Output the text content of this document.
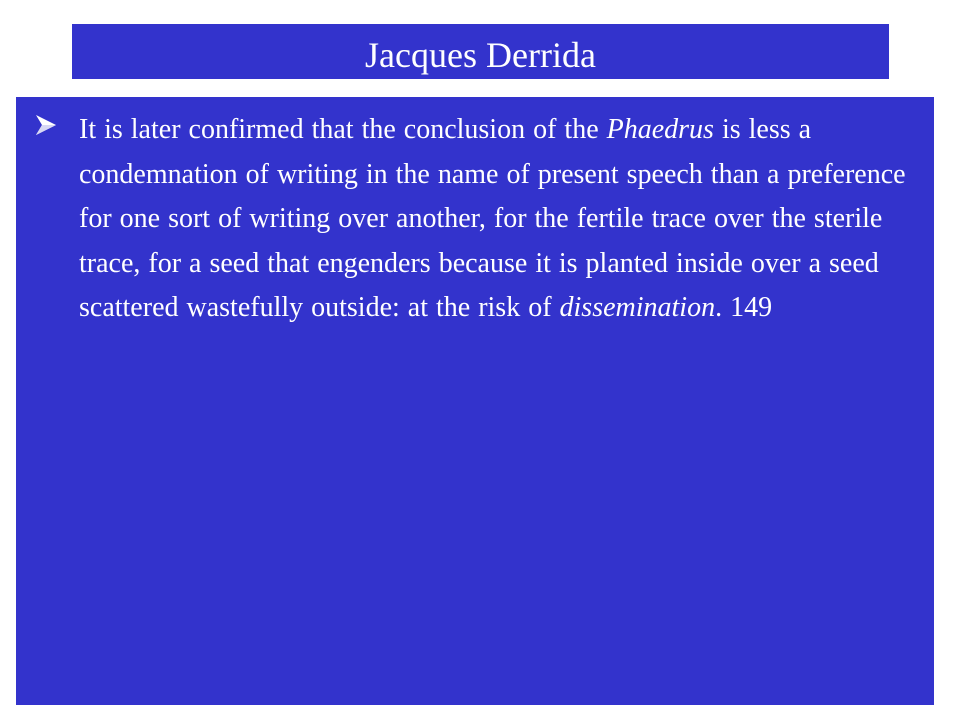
Jacques Derrida

It is later confirmed that the conclusion of the Phaedrus is less a condemnation of writing in the name of present speech than a preference for one sort of writing over another, for the fertile trace over the sterile trace, for a seed that engenders because it is planted inside over a seed scattered wastefully outside: at the risk of dissemination. 149
